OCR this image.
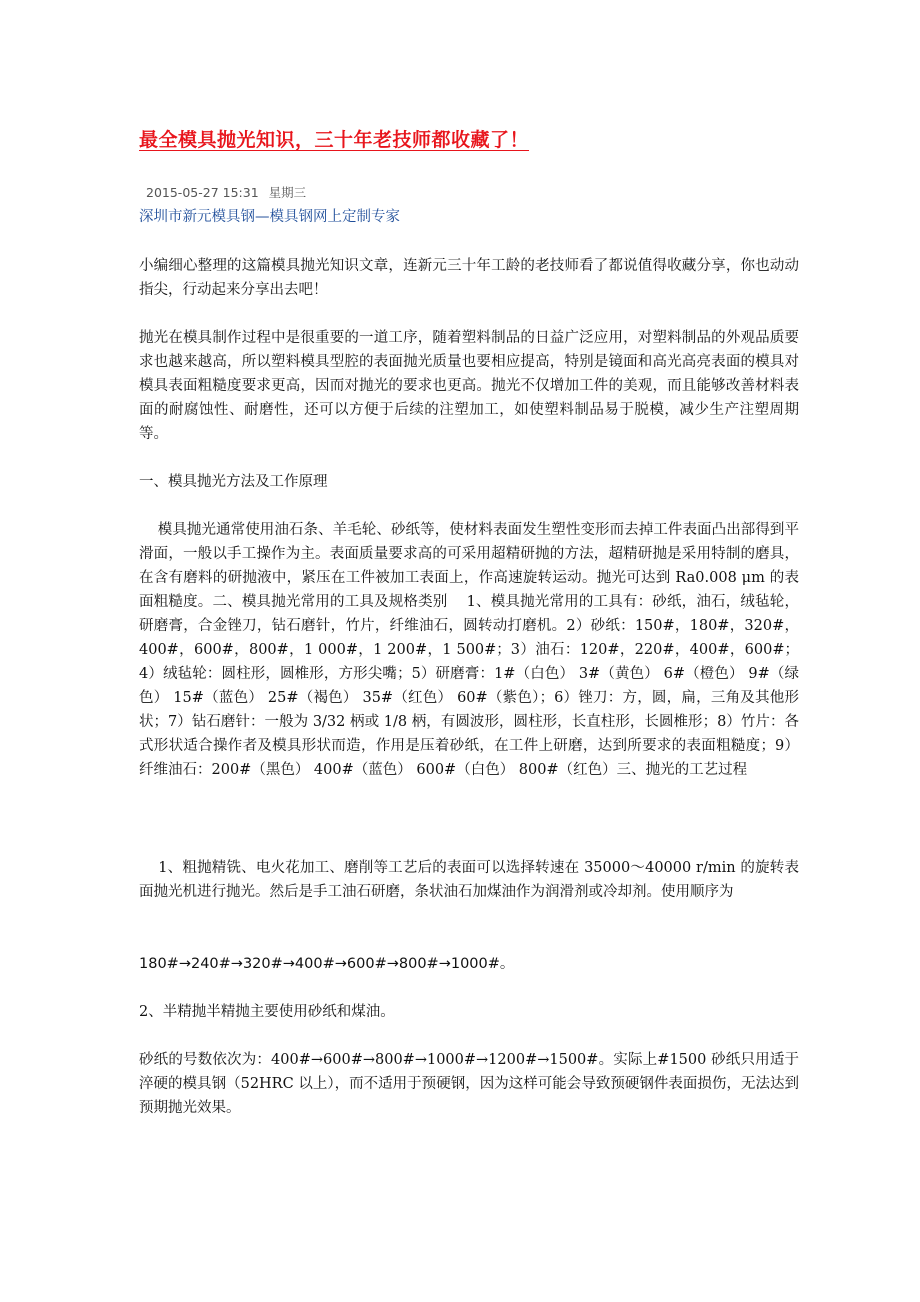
最全模具抛光知识，三十年老技师都收藏了！
2015-05-27 15:31 星期三
深圳市新元模具钢—模具钢网上定制专家
小编细心整理的这篇模具抛光知识文章，连新元三十年工龄的老技师看了都说值得收藏分享，你也动动指尖，行动起来分享出去吧！
抛光在模具制作过程中是很重要的一道工序，随着塑料制品的日益广泛应用，对塑料制品的外观品质要求也越来越高，所以塑料模具型腔的表面抛光质量也要相应提高，特别是镜面和高光高亮表面的模具对模具表面粗糙度要求更高，因而对抛光的要求也更高。抛光不仅增加工件的美观，而且能够改善材料表面的耐腐蚀性、耐磨性，还可以方便于后续的注塑加工，如使塑料制品易于脱模，减少生产注塑周期等。
一、模具抛光方法及工作原理
模具抛光通常使用油石条、羊毛轮、砂纸等，使材料表面发生塑性变形而去掉工件表面凸出部得到平滑面，一般以手工操作为主。表面质量要求高的可采用超精研抛的方法，超精研抛是采用特制的磨具，在含有磨料的研抛液中，紧压在工件被加工表面上，作高速旋转运动。抛光可达到 Ra0.008 μm 的表面粗糙度。二、模具抛光常用的工具及规格类别    1、模具抛光常用的工具有：砂纸，油石，绒毡轮，研磨膏，合金锉刀，钻石磨针，竹片，纤维油石，圆转动打磨机。2）砂纸：150#，180#，320#，400#，600#，800#，1 000#，1 200#，1 500#；3）油石：120#，220#，400#，600#；4）绒毡轮：圆柱形，圆椎形，方形尖嘴；5）研磨膏：1#（白色） 3#（黄色） 6#（橙色） 9#（绿色） 15#（蓝色） 25#（褐色） 35#（红色） 60#（紫色）；6）锉刀：方，圆，扁，三角及其他形状；7）钻石磨针：一般为 3/32 柄或 1/8 柄，有圆波形，圆柱形，长直柱形，长圆椎形；8）竹片：各式形状适合操作者及模具形状而造，作用是压着砂纸，在工件上研磨，达到所要求的表面粗糙度；9）纤维油石：200#（黑色） 400#（蓝色） 600#（白色） 800#（红色）三、抛光的工艺过程
1、粗抛精铣、电火花加工、磨削等工艺后的表面可以选择转速在 35000～40000 r/min 的旋转表面抛光机进行抛光。然后是手工油石研磨，条状油石加煤油作为润滑剂或冷却剂。使用顺序为
180#→240#→320#→400#→600#→800#→1000#。
2、半精抛半精抛主要使用砂纸和煤油。
砂纸的号数依次为：400#→600#→800#→1000#→1200#→1500#。实际上#1500 砂纸只用适于淬硬的模具钢（52HRC 以上），而不适用于预硬钢，因为这样可能会导致预硬钢件表面损伤，无法达到预期抛光效果。
